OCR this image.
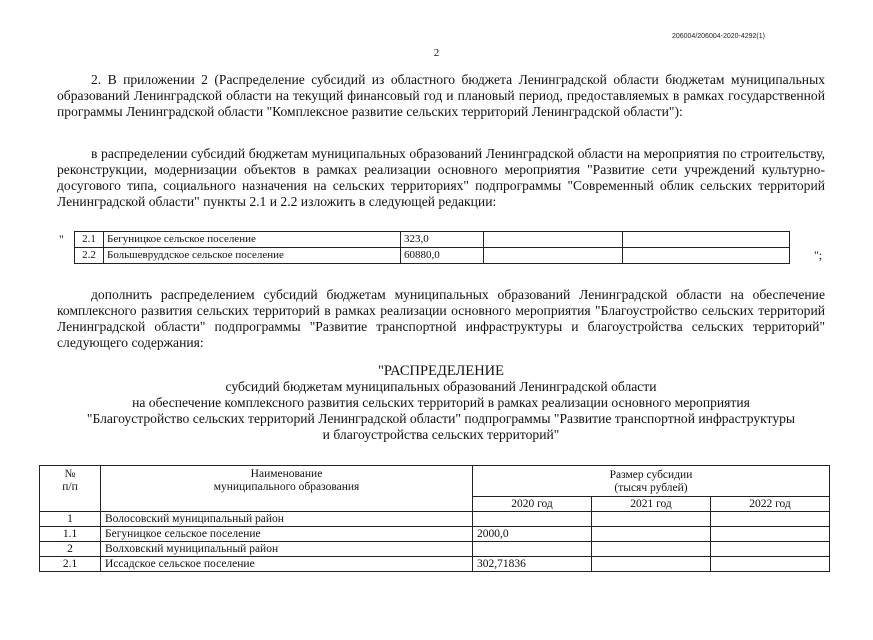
206004/206004-2020-4292(1)
2

2. В приложении 2 (Распределение субсидий из областного бюджета Ленинградской области бюджетам муниципальных образований Ленинградской области на текущий финансовый год и плановый период, предоставляемых в рамках государственной программы Ленинградской области "Комплексное развитие сельских территорий Ленинградской области"):

в распределении субсидий бюджетам муниципальных образований Ленинградской области на мероприятия по строительству, реконструкции, модернизации объектов в рамках реализации основного мероприятия "Развитие сети учреждений культурно-досугового типа, социального назначения на сельских территориях" подпрограммы "Современный облик сельских территорий Ленинградской области" пункты 2.1 и 2.2 изложить в следующей редакции:

" 2.1	Бегуницкое сельское поселение	323,0		
2.2	Большевруддское сельское поселение	60880,0			";

дополнить распределением субсидий бюджетам муниципальных образований Ленинградской области на обеспечение комплексного развития сельских территорий в рамках реализации основного мероприятия "Благоустройство сельских территорий Ленинградской области" подпрограммы "Развитие транспортной инфраструктуры и благоустройства сельских территорий" следующего содержания:

"РАСПРЕДЕЛЕНИЕ
субсидий бюджетам муниципальных образований Ленинградской области
на обеспечение комплексного развития сельских территорий в рамках реализации основного мероприятия
"Благоустройство сельских территорий Ленинградской области" подпрограммы "Развитие транспортной инфраструктуры
и благоустройства сельских территорий"
№
п/п	Наименование
муниципального образования	Размер субсидии
(тысяч рублей)		
		2020 год	2021 год	2022 год
1	Волосовский муниципальный район			
1.1	Бегуницкое сельское поселение	2000,0		
2	Волховский муниципальный район			
2.1	Иссадское сельское поселение	302,71836		
